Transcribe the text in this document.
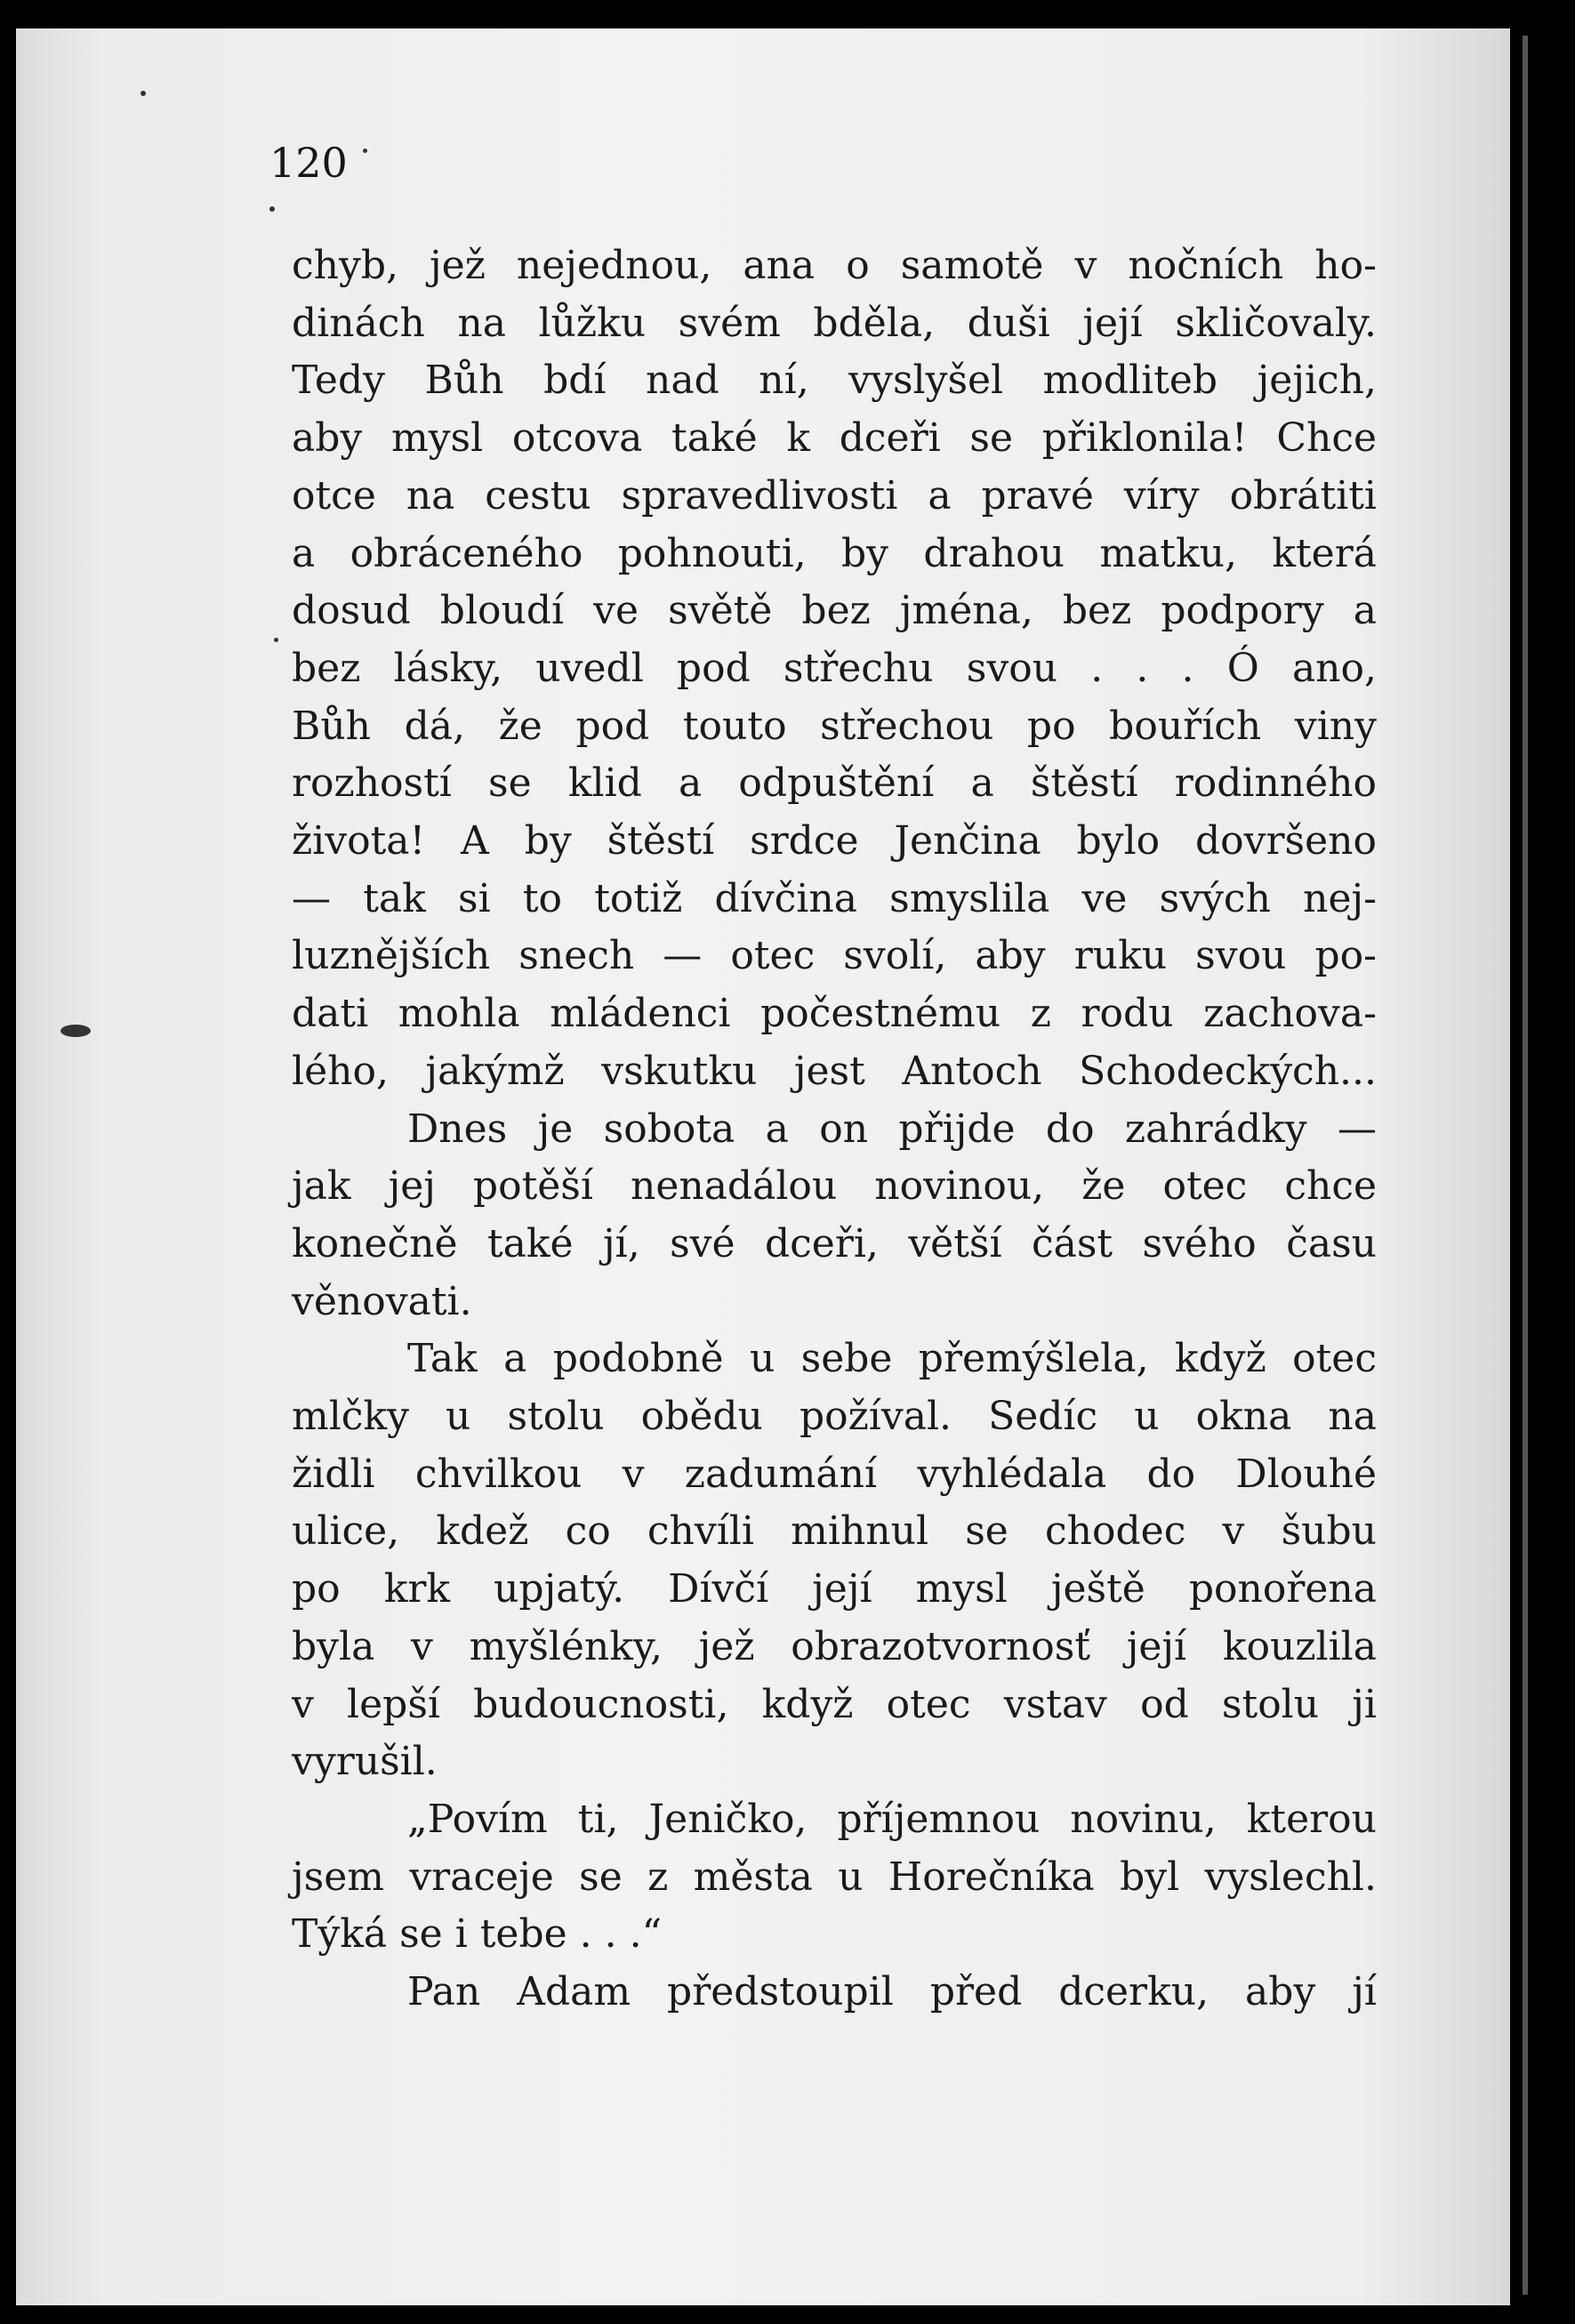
120

chyb, jež nejednou, ana o samotě v nočních ho-

dinách na lůžku svém bděla, duši její skličovaly.

Tedy Bůh bdí nad ní, vyslyšel modliteb jejich,

aby mysl otcova také k dceři se přiklonila! Chce

otce na cestu spravedlivosti a pravé víry obrátiti

a obráceného pohnouti, by drahou matku, která

dosud bloudí ve světě bez jména, bez podpory a

bez lásky, uvedl pod střechu svou . . . Ó ano,

Bůh dá, že pod touto střechou po bouřích viny

rozhostí se klid a odpuštění a štěstí rodinného

života! A by štěstí srdce Jenčina bylo dovršeno

— tak si to totiž dívčina smyslila ve svých nej-

luznějších snech — otec svolí, aby ruku svou po-

dati mohla mládenci počestnému z rodu zachova-

lého, jakýmž vskutku jest Antoch Schodeckých...

Dnes je sobota a on přijde do zahrádky —

jak jej potěší nenadálou novinou, že otec chce

konečně také jí, své dceři, větší část svého času

věnovati.

Tak a podobně u sebe přemýšlela, když otec

mlčky u stolu obědu požíval. Sedíc u okna na

židli chvilkou v zadumání vyhlédala do Dlouhé

ulice, kdež co chvíli mihnul se chodec v šubu

po krk upjatý. Dívčí její mysl ještě ponořena

byla v myšlénky, jež obrazotvornosť její kouzlila

v lepší budoucnosti, když otec vstav od stolu ji

vyrušil.

„Povím ti, Jeničko, příjemnou novinu, kterou

jsem vraceje se z města u Horečníka byl vyslechl.

Týká se i tebe . . .“

Pan Adam předstoupil před dcerku, aby jí
